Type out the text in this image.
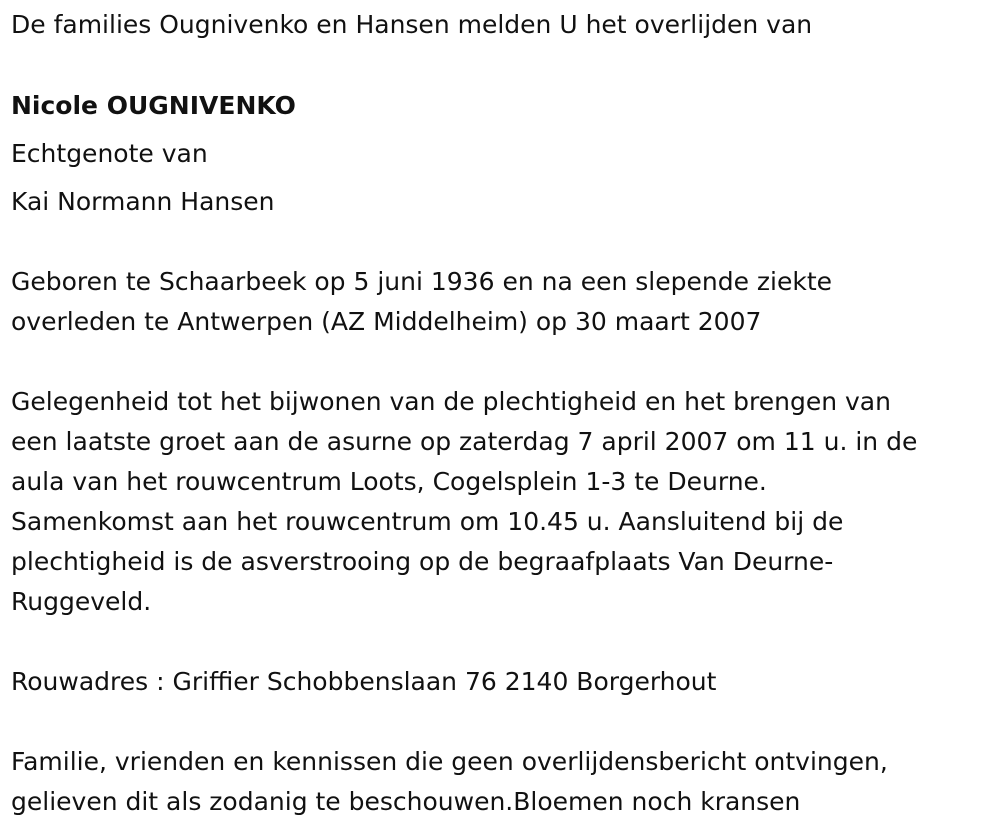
De families Ougnivenko en Hansen melden U het overlijden van
Nicole OUGNIVENKO
Echtgenote van
Kai Normann Hansen
Geboren te Schaarbeek op 5 juni 1936 en na een slepende ziekte
overleden te Antwerpen (AZ Middelheim) op 30 maart 2007
Gelegenheid tot het bijwonen van de plechtigheid en het brengen van
een laatste groet aan de asurne op zaterdag 7 april 2007 om 11 u. in de
aula van het rouwcentrum Loots, Cogelsplein 1-3 te Deurne.
Samenkomst aan het rouwcentrum om 10.45 u. Aansluitend bij de
plechtigheid is de asverstrooing op de begraafplaats Van Deurne-
Ruggeveld.
Rouwadres : Griffier Schobbenslaan 76 2140 Borgerhout
Familie, vrienden en kennissen die geen overlijdensbericht ontvingen,
gelieven dit als zodanig te beschouwen.Bloemen noch kransen
